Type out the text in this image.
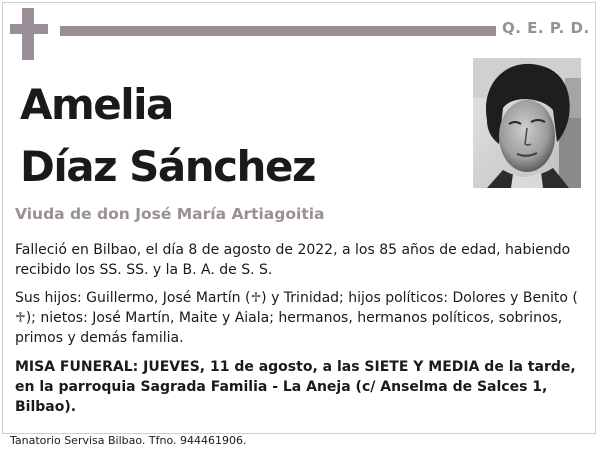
Q. E. P. D.
Amelia
Díaz Sánchez
Viuda de don José María Artiagoitia
Falleció en Bilbao, el día 8 de agosto de 2022, a los 85 años de edad, habiendo recibido los SS. SS. y la B. A. de S. S.
Sus hijos: Guillermo, José Martín (♱) y Trinidad; hijos políticos: Dolores y Benito (♱); nietos: José Martín, Maite y Aiala; hermanos, hermanos políticos, sobrinos, primos y demás familia.
MISA FUNERAL: JUEVES, 11 de agosto, a las SIETE Y MEDIA de la tarde, en la parroquia Sagrada Familia - La Aneja (c/ Anselma de Salces 1, Bilbao).
Tanatorio Servisa Bilbao. Tfno. 944461906.
